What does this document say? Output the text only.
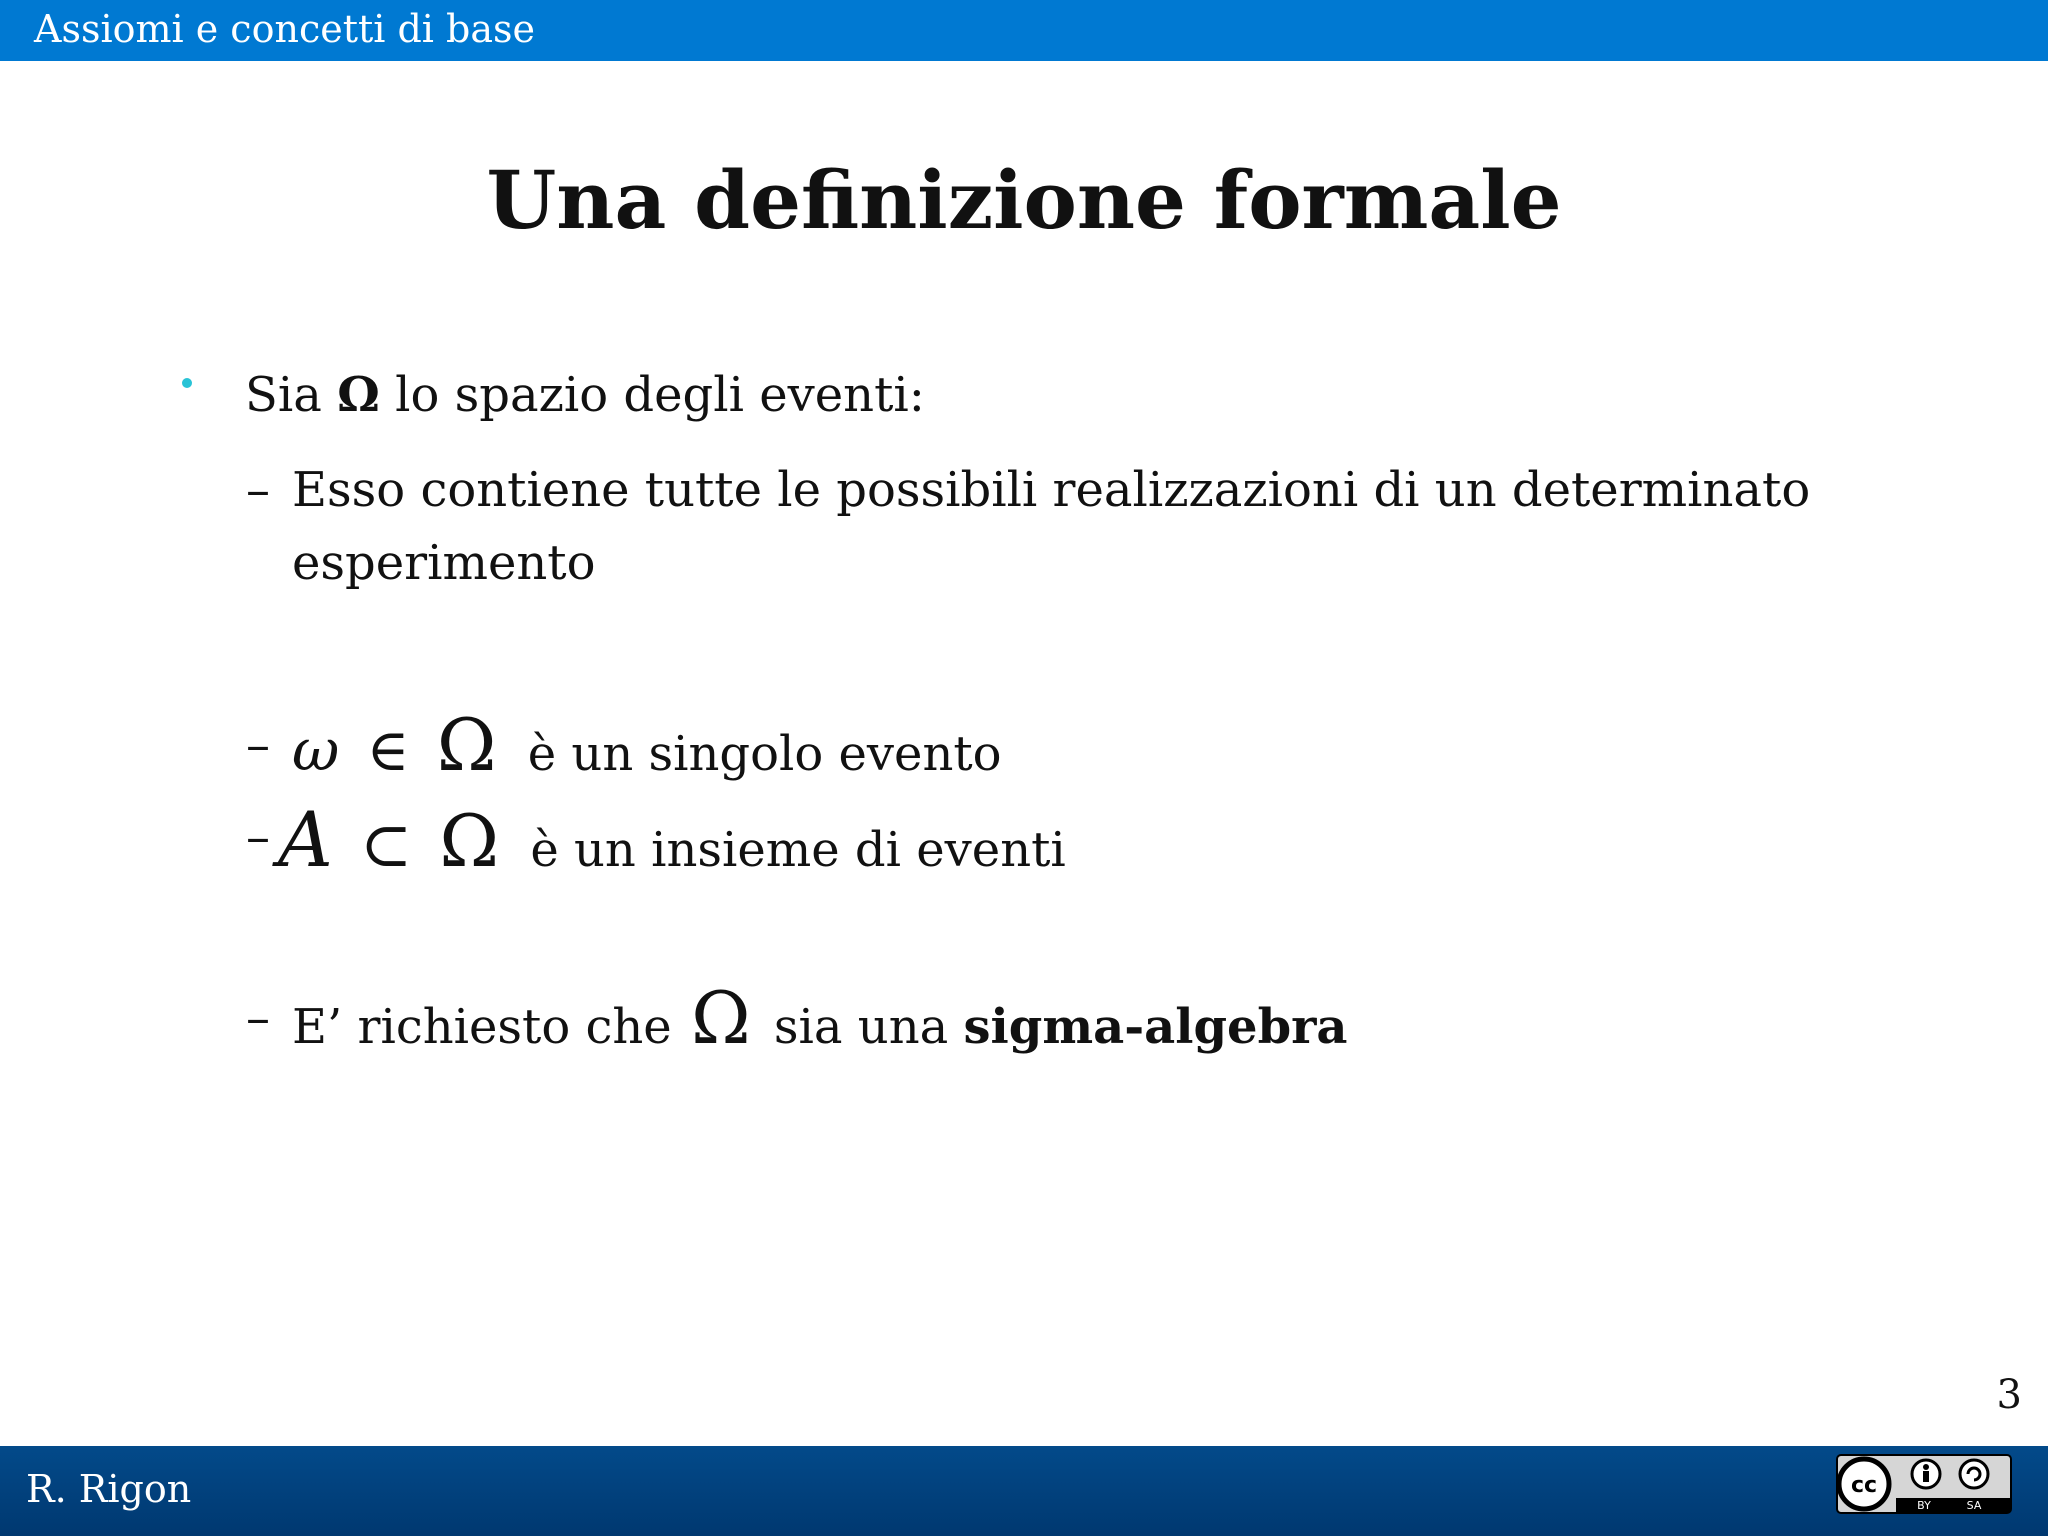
Assiomi e concetti di base
Una definizione formale
Sia Ω lo spazio degli eventi:
– Esso contiene tutte le possibili realizzazioni di un determinato
esperimento
– ω ∈ Ω è un singolo evento
– A ⊂ Ω è un insieme di eventi
– E’ richiesto che Ω sia una sigma-algebra
3
R. Rigon	cc
BY	SA
